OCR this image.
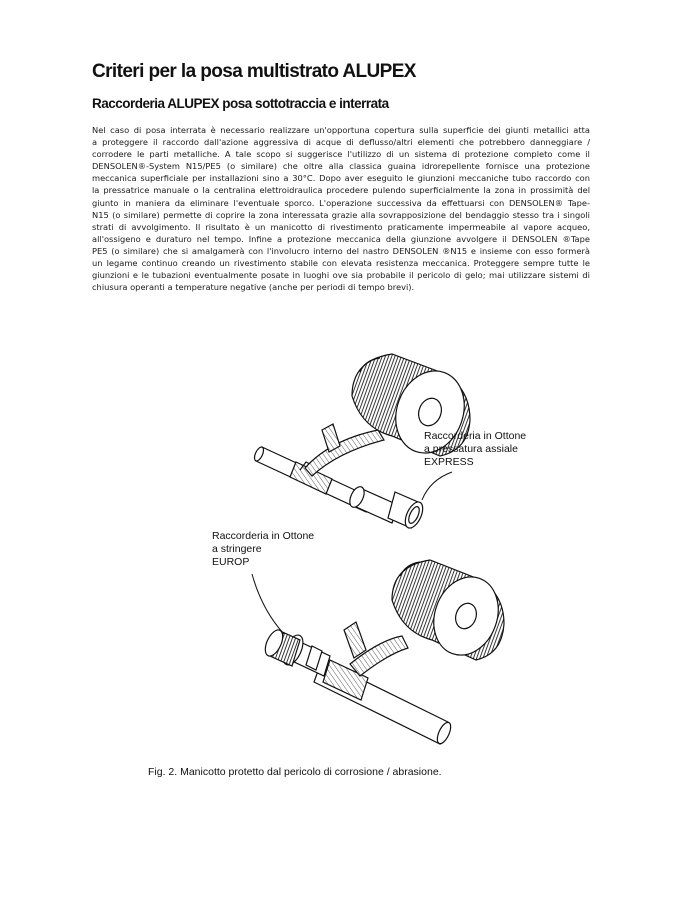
Criteri per la posa multistrato ALUPEX
Raccorderia ALUPEX posa sottotraccia e interrata
Nel caso di posa interrata è necessario realizzare un'opportuna copertura sulla superficie dei giunti metallici atta
a proteggere il raccordo dall'azione aggressiva di acque di deflusso/altri elementi che potrebbero danneggiare /
corrodere le parti metalliche. A tale scopo si suggerisce l'utilizzo di un sistema di protezione completo come il
DENSOLEN®-System N15/PE5 (o similare) che oltre alla classica guaina idrorepellente fornisce una protezione
meccanica superficiale per installazioni sino a 30°C. Dopo aver eseguito le giunzioni meccaniche tubo raccordo con
la pressatrice manuale o la centralina elettroidraulica procedere pulendo superficialmente la zona in prossimità del
giunto in maniera da eliminare l'eventuale sporco. L'operazione successiva da effettuarsi con DENSOLEN® Tape-
N15 (o similare) permette di coprire la zona interessata grazie alla sovrapposizione del bendaggio stesso tra i singoli
strati di avvolgimento. Il risultato è un manicotto di rivestimento praticamente impermeabile al vapore acqueo,
all'ossigeno e duraturo nel tempo. Infine a protezione meccanica della giunzione avvolgere il DENSOLEN ®Tape
PE5 (o similare) che si amalgamerà con l'involucro interno del nastro DENSOLEN ®N15 e insieme con esso formerà
un legame continuo creando un rivestimento stabile con elevata resistenza meccanica. Proteggere sempre tutte le
giunzioni e le tubazioni eventualmente posate in luoghi ove sia probabile il pericolo di gelo; mai utilizzare sistemi di
chiusura operanti a temperature negative (anche per periodi di tempo brevi).
Raccorderia in Ottone
a pressatura assiale
EXPRESS
Raccorderia in Ottone
a stringere
EUROP
Fig. 2. Manicotto protetto dal pericolo di corrosione / abrasione.
